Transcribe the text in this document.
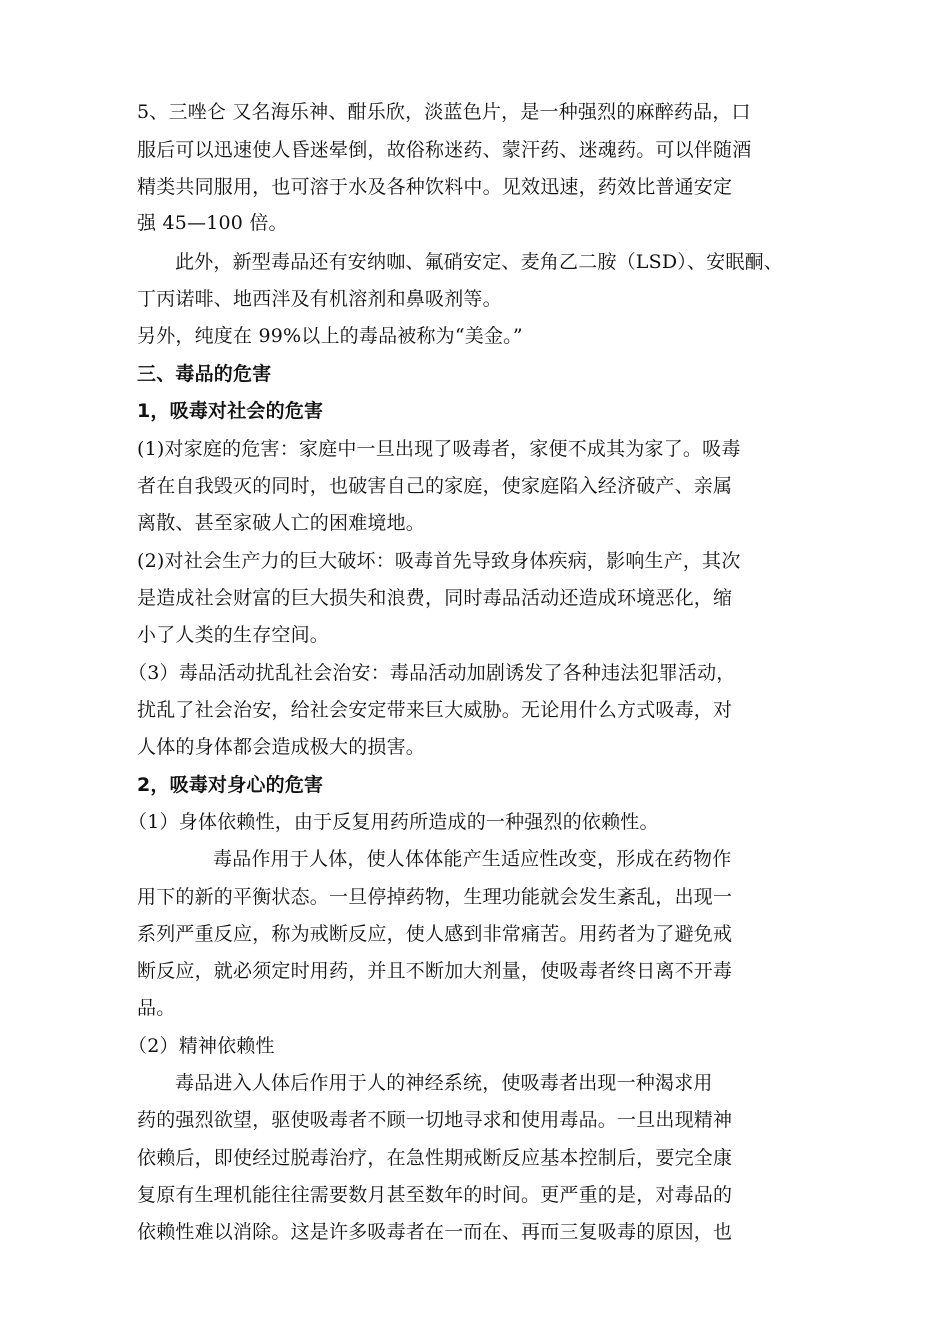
5、三唑仑 又名海乐神、酣乐欣，淡蓝色片，是一种强烈的麻醉药品，口
服后可以迅速使人昏迷晕倒，故俗称迷药、蒙汗药、迷魂药。可以伴随酒
精类共同服用，也可溶于水及各种饮料中。见效迅速，药效比普通安定
强 45—100 倍。
此外，新型毒品还有安纳咖、氟硝安定、麦角乙二胺（LSD）、安眠酮、
丁丙诺啡、地西泮及有机溶剂和鼻吸剂等。
另外，纯度在 99%以上的毒品被称为“美金。”
三、毒品的危害
1，吸毒对社会的危害
(1)对家庭的危害：家庭中一旦出现了吸毒者，家便不成其为家了。吸毒
者在自我毁灭的同时，也破害自己的家庭，使家庭陷入经济破产、亲属
离散、甚至家破人亡的困难境地。
(2)对社会生产力的巨大破坏：吸毒首先导致身体疾病，影响生产，其次
是造成社会财富的巨大损失和浪费，同时毒品活动还造成环境恶化，缩
小了人类的生存空间。
（3）毒品活动扰乱社会治安：毒品活动加剧诱发了各种违法犯罪活动，
扰乱了社会治安，给社会安定带来巨大威胁。无论用什么方式吸毒，对
人体的身体都会造成极大的损害。
2，吸毒对身心的危害
（1）身体依赖性，由于反复用药所造成的一种强烈的依赖性。
毒品作用于人体，使人体体能产生适应性改变，形成在药物作
用下的新的平衡状态。一旦停掉药物，生理功能就会发生紊乱，出现一
系列严重反应，称为戒断反应，使人感到非常痛苦。用药者为了避免戒
断反应，就必须定时用药，并且不断加大剂量，使吸毒者终日离不开毒
品。
（2）精神依赖性
毒品进入人体后作用于人的神经系统，使吸毒者出现一种渴求用
药的强烈欲望，驱使吸毒者不顾一切地寻求和使用毒品。一旦出现精神
依赖后，即使经过脱毒治疗，在急性期戒断反应基本控制后，要完全康
复原有生理机能往往需要数月甚至数年的时间。更严重的是，对毒品的
依赖性难以消除。这是许多吸毒者在一而在、再而三复吸毒的原因，也
